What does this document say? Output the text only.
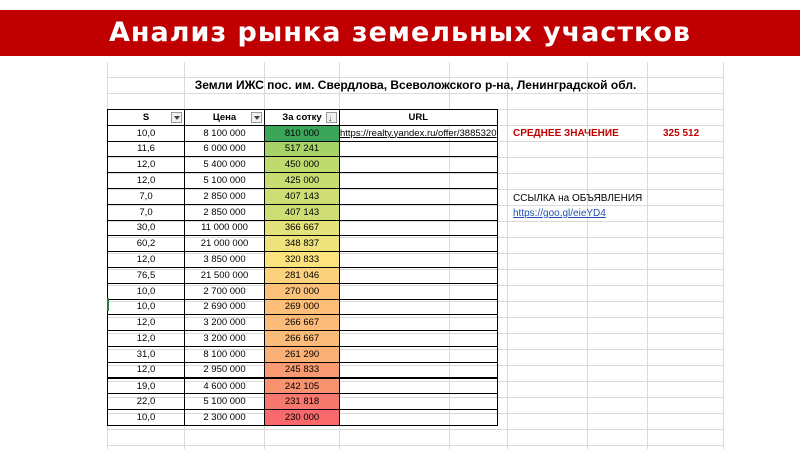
Анализ рынка земельных участков
Земли ИЖС пос. им. Свердлова, Всеволожского р-на, Ленинградской обл.
S	Цена	За сотку ↓	URL
10,0	8 100 000	810 000	https://realty.yandex.ru/offer/3885320
11,6	6 000 000	517 241	
12,0	5 400 000	450 000	
12,0	5 100 000	425 000	
7,0	2 850 000	407 143	
7,0	2 850 000	407 143	
30,0	11 000 000	366 667	
60,2	21 000 000	348 837	
12,0	3 850 000	320 833	
76,5	21 500 000	281 046	
10,0	2 700 000	270 000	
10,0	2 690 000	269 000	
12,0	3 200 000	266 667	
12,0	3 200 000	266 667	
31,0	8 100 000	261 290	
12,0	2 950 000	245 833	
19,0	4 600 000	242 105	
22,0	5 100 000	231 818	
10,0	2 300 000	230 000	
СРЕДНЕЕ ЗНАЧЕНИЕ	325 512
ССЫЛКА на ОБЪЯВЛЕНИЯ
https://goo.gl/eieYD4
